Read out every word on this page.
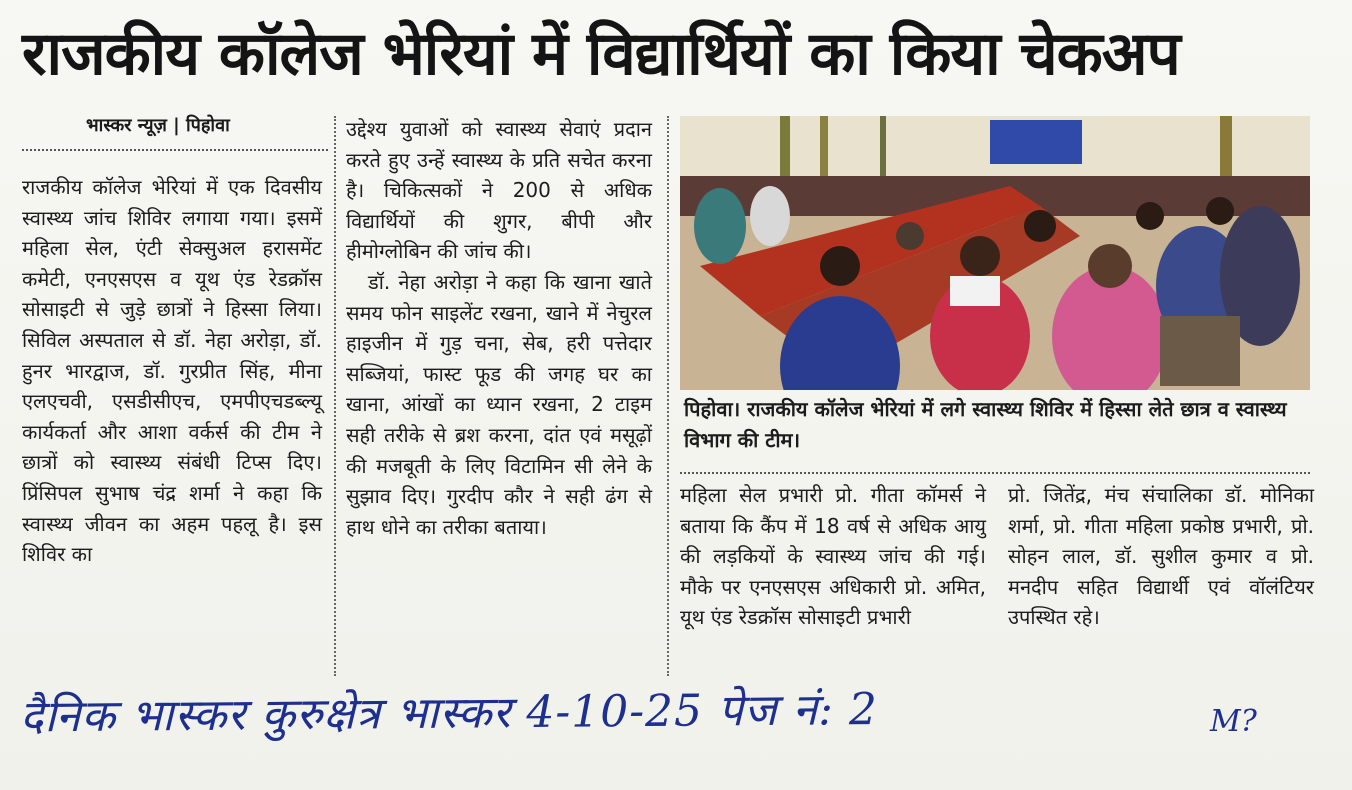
राजकीय कॉलेज भेरियां में विद्यार्थियों का किया चेकअप
भास्कर न्यूज़ | पिहोवा

राजकीय कॉलेज भेरियां में एक दिवसीय स्वास्थ्य जांच शिविर लगाया गया। इसमें महिला सेल, एंटी सेक्सुअल हरासमेंट कमेटी, एनएसएस व यूथ एंड रेडक्रॉस सोसाइटी से जुड़े छात्रों ने हिस्सा लिया। सिविल अस्पताल से डॉ. नेहा अरोड़ा, डॉ. हुनर भारद्वाज, डॉ. गुरप्रीत सिंह, मीना एलएचवी, एसडीसीएच, एमपीएचडब्ल्यू कार्यकर्ता और आशा वर्कर्स की टीम ने छात्रों को स्वास्थ्य संबंधी टिप्स दिए। प्रिंसिपल सुभाष चंद्र शर्मा ने कहा कि स्वास्थ्य जीवन का अहम पहलू है। इस शिविर का

उद्देश्य युवाओं को स्वास्थ्य सेवाएं प्रदान करते हुए उन्हें स्वास्थ्य के प्रति सचेत करना है। चिकित्सकों ने 200 से अधिक विद्यार्थियों की शुगर, बीपी और हीमोग्लोबिन की जांच की।

डॉ. नेहा अरोड़ा ने कहा कि खाना खाते समय फोन साइलेंट रखना, खाने में नेचुरल हाइजीन में गुड़ चना, सेब, हरी पत्तेदार सब्जियां, फास्ट फूड की जगह घर का खाना, आंखों का ध्यान रखना, 2 टाइम सही तरीके से ब्रश करना, दांत एवं मसूढ़ों की मजबूती के लिए विटामिन सी लेने के सुझाव दिए। गुरदीप कौर ने सही ढंग से हाथ धोने का तरीका बताया।

पिहोवा। राजकीय कॉलेज भेरियां में लगे स्वास्थ्य शिविर में हिस्सा लेते छात्र व स्वास्थ्य विभाग की टीम।

महिला सेल प्रभारी प्रो. गीता कॉमर्स ने बताया कि कैंप में 18 वर्ष से अधिक आयु की लड़कियों के स्वास्थ्य जांच की गई। मौके पर एनएसएस अधिकारी प्रो. अमित, यूथ एंड रेडक्रॉस सोसाइटी प्रभारी

प्रो. जितेंद्र, मंच संचालिका डॉ. मोनिका शर्मा, प्रो. गीता महिला प्रकोष्ठ प्रभारी, प्रो. सोहन लाल, डॉ. सुशील कुमार व प्रो. मनदीप सहित विद्यार्थी एवं वॉलंटियर उपस्थित रहे।

दैनिक भास्कर कुरुक्षेत्र भास्कर 4-10-25 पेज नं: 2	M?
